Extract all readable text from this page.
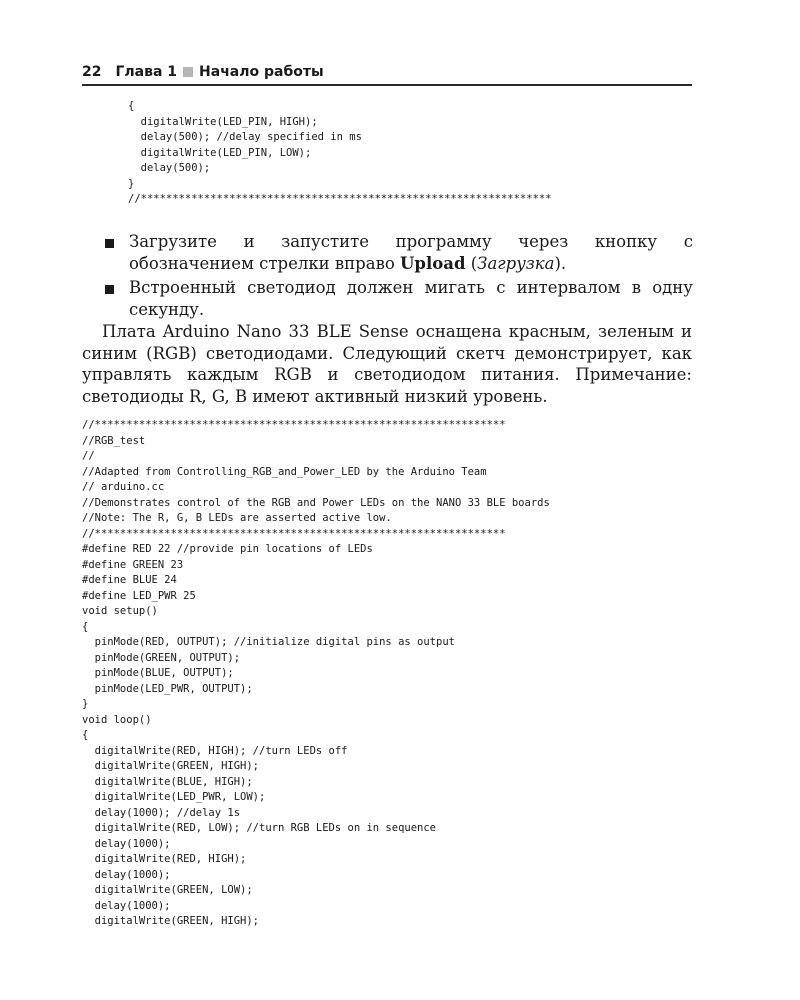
22 Глава 1 Начало работы
{
digitalWrite(LED_PIN, HIGH);
delay(500); //delay specified in ms
digitalWrite(LED_PIN, LOW);
delay(500);
}
//*****************************************************************
Загрузите и запустите программу через кнопку с обозначением стрелки вправо Upload (Загрузка).
Встроенный светодиод должен мигать с интервалом в одну секунду.

Плата Arduino Nano 33 BLE Sense оснащена красным, зеленым и синим (RGB) светодиодами. Следующий скетч демонстрирует, как управлять каждым RGB и светодиодом питания. Примечание: светодиоды R, G, B имеют активный низкий уровень.

//*****************************************************************
//RGB_test
//
//Adapted from Controlling_RGB_and_Power_LED by the Arduino Team
// arduino.cc
//Demonstrates control of the RGB and Power LEDs on the NANO 33 BLE boards
//Note: The R, G, B LEDs are asserted active low.
//*****************************************************************
#define RED 22 //provide pin locations of LEDs
#define GREEN 23
#define BLUE 24
#define LED_PWR 25
void setup()
{
pinMode(RED, OUTPUT); //initialize digital pins as output
pinMode(GREEN, OUTPUT);
pinMode(BLUE, OUTPUT);
pinMode(LED_PWR, OUTPUT);
}
void loop()
{
digitalWrite(RED, HIGH); //turn LEDs off
digitalWrite(GREEN, HIGH);
digitalWrite(BLUE, HIGH);
digitalWrite(LED_PWR, LOW);
delay(1000); //delay 1s
digitalWrite(RED, LOW); //turn RGB LEDs on in sequence
delay(1000);
digitalWrite(RED, HIGH);
delay(1000);
digitalWrite(GREEN, LOW);
delay(1000);
digitalWrite(GREEN, HIGH);
